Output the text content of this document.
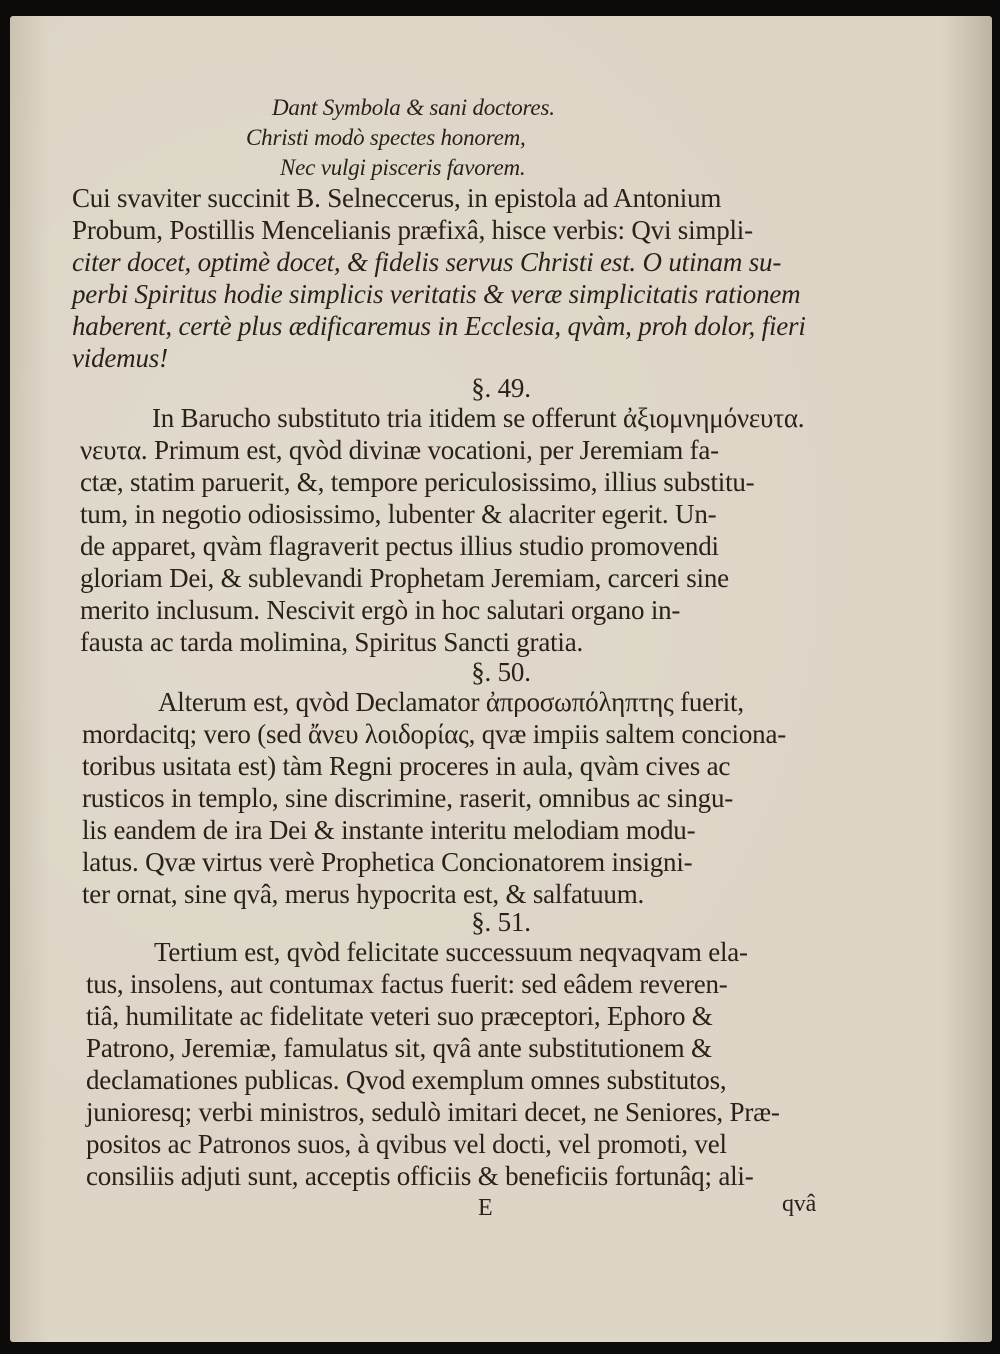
Dant Symbola & sani doctores.
Christi modò spectes honorem,
Nec vulgi pisceris favorem.
Cui svaviter succinit B. Selneccerus, in epistola ad Antonium
Probum, Postillis Mencelianis præfixâ, hisce verbis: Qvi simpli-
citer docet, optimè docet, & fidelis servus Christi est. O utinam su-
perbi Spiritus hodie simplicis veritatis & veræ simplicitatis rationem
haberent, certè plus ædificaremus in Ecclesia, qvàm, proh dolor, fieri
videmus!
§. 49.
In Barucho substituto tria itidem se offerunt ἀξιομνημόνευτα.
νευτα. Primum est, qvòd divinæ vocationi, per Jeremiam fa-
ctæ, statim paruerit, &, tempore periculosissimo, illius substitu-
tum, in negotio odiosissimo, lubenter & alacriter egerit. Un-
de apparet, qvàm flagraverit pectus illius studio promovendi
gloriam Dei, & sublevandi Prophetam Jeremiam, carceri sine
merito inclusum. Nescivit ergò in hoc salutari organo in-
fausta ac tarda molimina, Spiritus Sancti gratia.
§. 50.
Alterum est, qvòd Declamator ἀπροσωπόληπτης fuerit,
mordacitq; vero (sed ἄνευ λοιδορίας, qvæ impiis saltem conciona-
toribus usitata est) tàm Regni proceres in aula, qvàm cives ac
rusticos in templo, sine discrimine, raserit, omnibus ac singu-
lis eandem de ira Dei & instante interitu melodiam modu-
latus. Qvæ virtus verè Prophetica Concionatorem insigni-
ter ornat, sine qvâ, merus hypocrita est, & salfatuum.
§. 51.
Tertium est, qvòd felicitate successuum neqvaqvam ela-
tus, insolens, aut contumax factus fuerit: sed eâdem reveren-
tiâ, humilitate ac fidelitate veteri suo præceptori, Ephoro &
Patrono, Jeremiæ, famulatus sit, qvâ ante substitutionem &
declamationes publicas. Qvod exemplum omnes substitutos,
junioresq; verbi ministros, sedulò imitari decet, ne Seniores, Præ-
positos ac Patronos suos, à qvibus vel docti, vel promoti, vel
consiliis adjuti sunt, acceptis officiis & beneficiis fortunâq; ali-
E	qvâ
